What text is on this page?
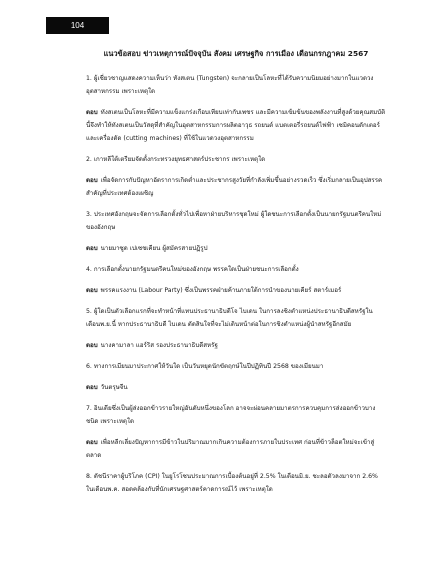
104
แนวข้อสอบ ข่าวเหตุการณ์ปัจจุบัน สังคม เศรษฐกิจ การเมือง เดือนกรกฎาคม 2567

1. ผู้เชี่ยวชาญแสดงความเห็นว่า ทังสเตน (Tungsten) จะกลายเป็นโลหะที่ได้รับความนิยมอย่างมากในแวดวงอุตสาหกรรม เพราะเหตุใด

ตอบ ทังสเตนเป็นโลหะที่มีความแข็งแกร่งเกือบเทียบเท่ากับเพชร และมีความเข้มข้นของพลังงานที่สูงด้วยคุณสมบัตินี้จึงทำให้ทังสเตนเป็นวัสดุที่สำคัญในอุตสาหกรรมการผลิตอาวุธ รถยนต์ แบตเตอรี่รถยนต์ไฟฟ้า เซมิคอนดักเตอร์ และเครื่องตัด (cutting machines) ที่ใช้ในแวดวงอุตสาหกรรม

2. เกาหลีใต้เตรียมจัดตั้งกระทรวงยุทธศาสตร์ประชากร เพราะเหตุใด

ตอบ เพื่อจัดการกับปัญหาอัตราการเกิดต่ำและประชากรสูงวัยที่กำลังเพิ่มขึ้นอย่างรวดเร็ว ซึ่งเริ่มกลายเป็นอุปสรรคสำคัญที่ประเทศต้องเผชิญ

3. ประเทศอังกฤษจะจัดการเลือกตั้งทั่วไปเพื่อหาฝ่ายบริหารชุดใหม่ ผู้ใดชนะการเลือกตั้งเป็นนายกรัฐมนตรีคนใหม่ของอังกฤษ

ตอบ นายมาซูด เปเซชเคียน ผู้สมัครสายปฏิรูป

4. การเลือกตั้งนายกรัฐมนตรีคนใหม่ของอังกฤษ พรรคใดเป็นฝ่ายชนะการเลือกตั้ง

ตอบ พรรคแรงงาน (Labour Party) ซึ่งเป็นพรรคฝ่ายค้านภายใต้การนำของนายเคียร์ สตาร์เมอร์

5. ผู้ใดเป็นตัวเลือกแรกที่จะทำหน้าที่แทนประธานาธิบดีโจ ไบเดน ในการลงชิงตำแหน่งประธานาธิบดีสหรัฐในเดือนพ.ย.นี้ หากประธานาธิบดี ไบเดน ตัดสินใจที่จะไม่เดินหน้าต่อในการชิงตำแหน่งผู้นำสหรัฐอีกสมัย

ตอบ นางคามาลา แฮร์ริส รองประธานาธิบดีสหรัฐ

6. ทางการเมียนมาประกาศให้วันใด เป็นวันหยุดนักขัตฤกษ์ในปีปฏิทินปี 2568 ของเมียนมา

ตอบ วันตรุษจีน

7. อินเดียซึ่งเป็นผู้ส่งออกข้าวรายใหญ่อันดับหนึ่งของโลก อาจจะผ่อนคลายมาตรการควบคุมการส่งออกข้าวบางชนิด เพราะเหตุใด

ตอบ เพื่อหลีกเลี่ยงปัญหาการมีข้าวในปริมาณมากเกินความต้องการภายในประเทศ ก่อนที่ข้าวล็อตใหม่จะเข้าสู่ตลาด

8. ดัชนีราคาผู้บริโภค (CPI) ในยูโรโซนประมาณการเบื้องต้นอยู่ที่ 2.5% ในเดือนมิ.ย. ชะลอตัวลงมาจาก 2.6% ในเดือนพ.ค. สอดคล้องกับที่นักเศรษฐศาสตร์คาดการณ์ไว้ เพราะเหตุใด
